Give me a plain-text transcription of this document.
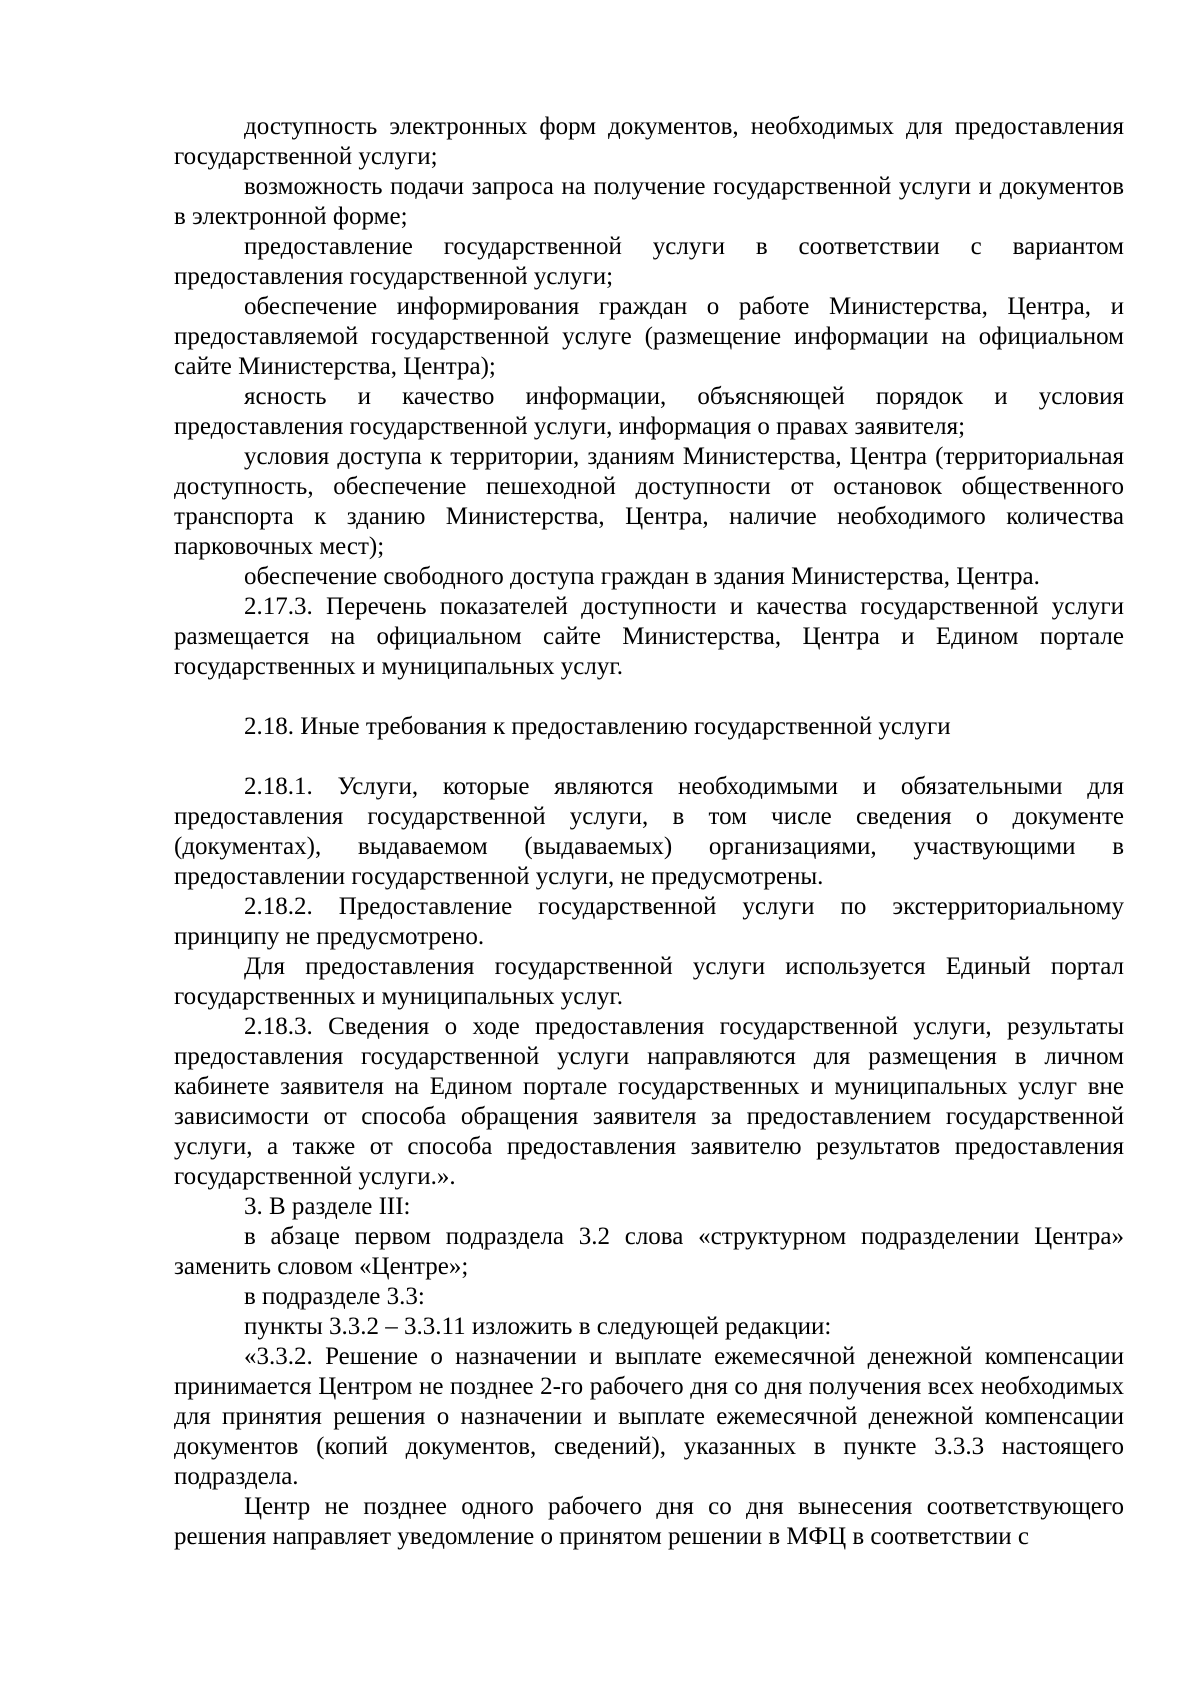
доступность электронных форм документов, необходимых для предоставления государственной услуги;

возможность подачи запроса на получение государственной услуги и документов в электронной форме;

предоставление государственной услуги в соответствии с вариантом предоставления государственной услуги;

обеспечение информирования граждан о работе Министерства, Центра, и предоставляемой государственной услуге (размещение информации на официальном сайте Министерства, Центра);

ясность и качество информации, объясняющей порядок и условия предоставления государственной услуги, информация о правах заявителя;

условия доступа к территории, зданиям Министерства, Центра (территориальная доступность, обеспечение пешеходной доступности от остановок общественного транспорта к зданию Министерства, Центра, наличие необходимого количества парковочных мест);

обеспечение свободного доступа граждан в здания Министерства, Центра.

2.17.3. Перечень показателей доступности и качества государственной услуги размещается на официальном сайте Министерства, Центра и Едином портале государственных и муниципальных услуг.

2.18. Иные требования к предоставлению государственной услуги

2.18.1. Услуги, которые являются необходимыми и обязательными для предоставления государственной услуги, в том числе сведения о документе (документах), выдаваемом (выдаваемых) организациями, участвующими в предоставлении государственной услуги, не предусмотрены.

2.18.2. Предоставление государственной услуги по экстерриториальному принципу не предусмотрено.

Для предоставления государственной услуги используется Единый портал государственных и муниципальных услуг.

2.18.3. Сведения о ходе предоставления государственной услуги, результаты предоставления государственной услуги направляются для размещения в личном кабинете заявителя на Едином портале государственных и муниципальных услуг вне зависимости от способа обращения заявителя за предоставлением государственной услуги, а также от способа предоставления заявителю результатов предоставления государственной услуги.».

3. В разделе III:

в абзаце первом подраздела 3.2 слова «структурном подразделении Центра» заменить словом «Центре»;

в подразделе 3.3:

пункты 3.3.2 – 3.3.11 изложить в следующей редакции:

«3.3.2. Решение о назначении и выплате ежемесячной денежной компенсации принимается Центром не позднее 2-го рабочего дня со дня получения всех необходимых для принятия решения о назначении и выплате ежемесячной денежной компенсации документов (копий документов, сведений), указанных в пункте 3.3.3 настоящего подраздела.

Центр не позднее одного рабочего дня со дня вынесения соответствующего решения направляет уведомление о принятом решении в МФЦ в соответствии с
